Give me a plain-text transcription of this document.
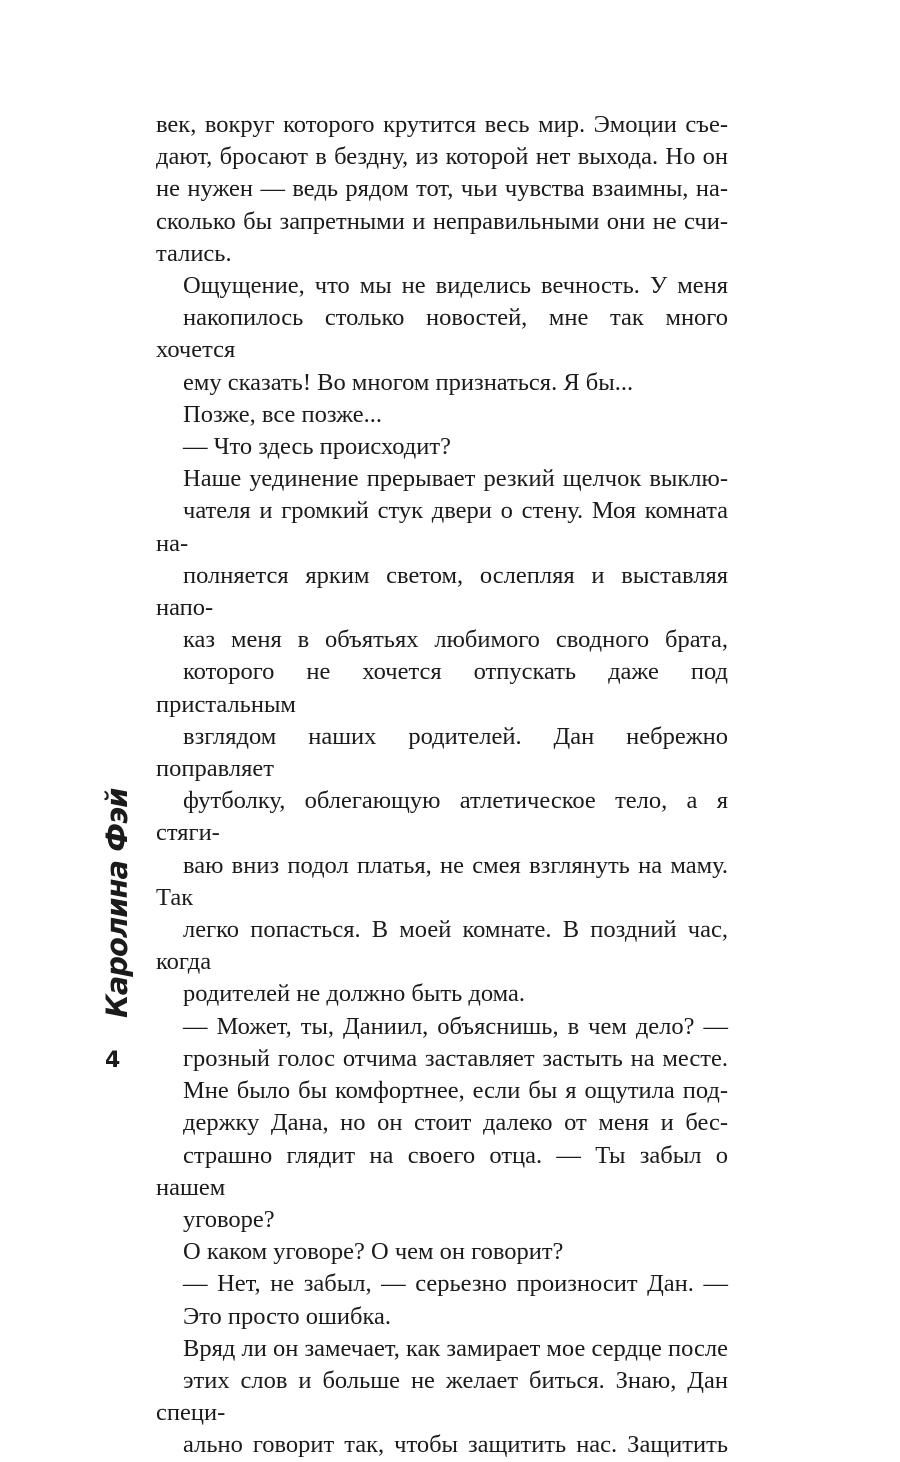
век, вокруг которого крутится весь мир. Эмоции съе-
дают, бросают в бездну, из которой нет выхода. Но он
не нужен — ведь рядом тот, чьи чувства взаимны, на-
сколько бы запретными и неправильными они не счи-
тались.

Ощущение, что мы не виделись вечность. У меня
накопилось столько новостей, мне так много хочется
ему сказать! Во многом признаться. Я бы...

Позже, все позже...

— Что здесь происходит?

Наше уединение прерывает резкий щелчок выклю-
чателя и громкий стук двери о стену. Моя комната на-
полняется ярким светом, ослепляя и выставляя напо-
каз меня в объятьях любимого сводного брата,
которого не хочется отпускать даже под пристальным
взглядом наших родителей. Дан небрежно поправляет
футболку, облегающую атлетическое тело, а я стяги-
ваю вниз подол платья, не смея взглянуть на маму. Так
легко попасться. В моей комнате. В поздний час, когда
родителей не должно быть дома.

— Может, ты, Даниил, объяснишь, в чем дело? —
грозный голос отчима заставляет застыть на месте.
Мне было бы комфортнее, если бы я ощутила под-
держку Дана, но он стоит далеко от меня и бес-
страшно глядит на своего отца. — Ты забыл о нашем
уговоре?

О каком уговоре? О чем он говорит?

— Нет, не забыл, — серьезно произносит Дан. —
Это просто ошибка.

Вряд ли он замечает, как замирает мое сердце после
этих слов и больше не желает биться. Знаю, Дан специ-
ально говорит так, чтобы защитить нас. Защитить

Каролина Фэй
4
